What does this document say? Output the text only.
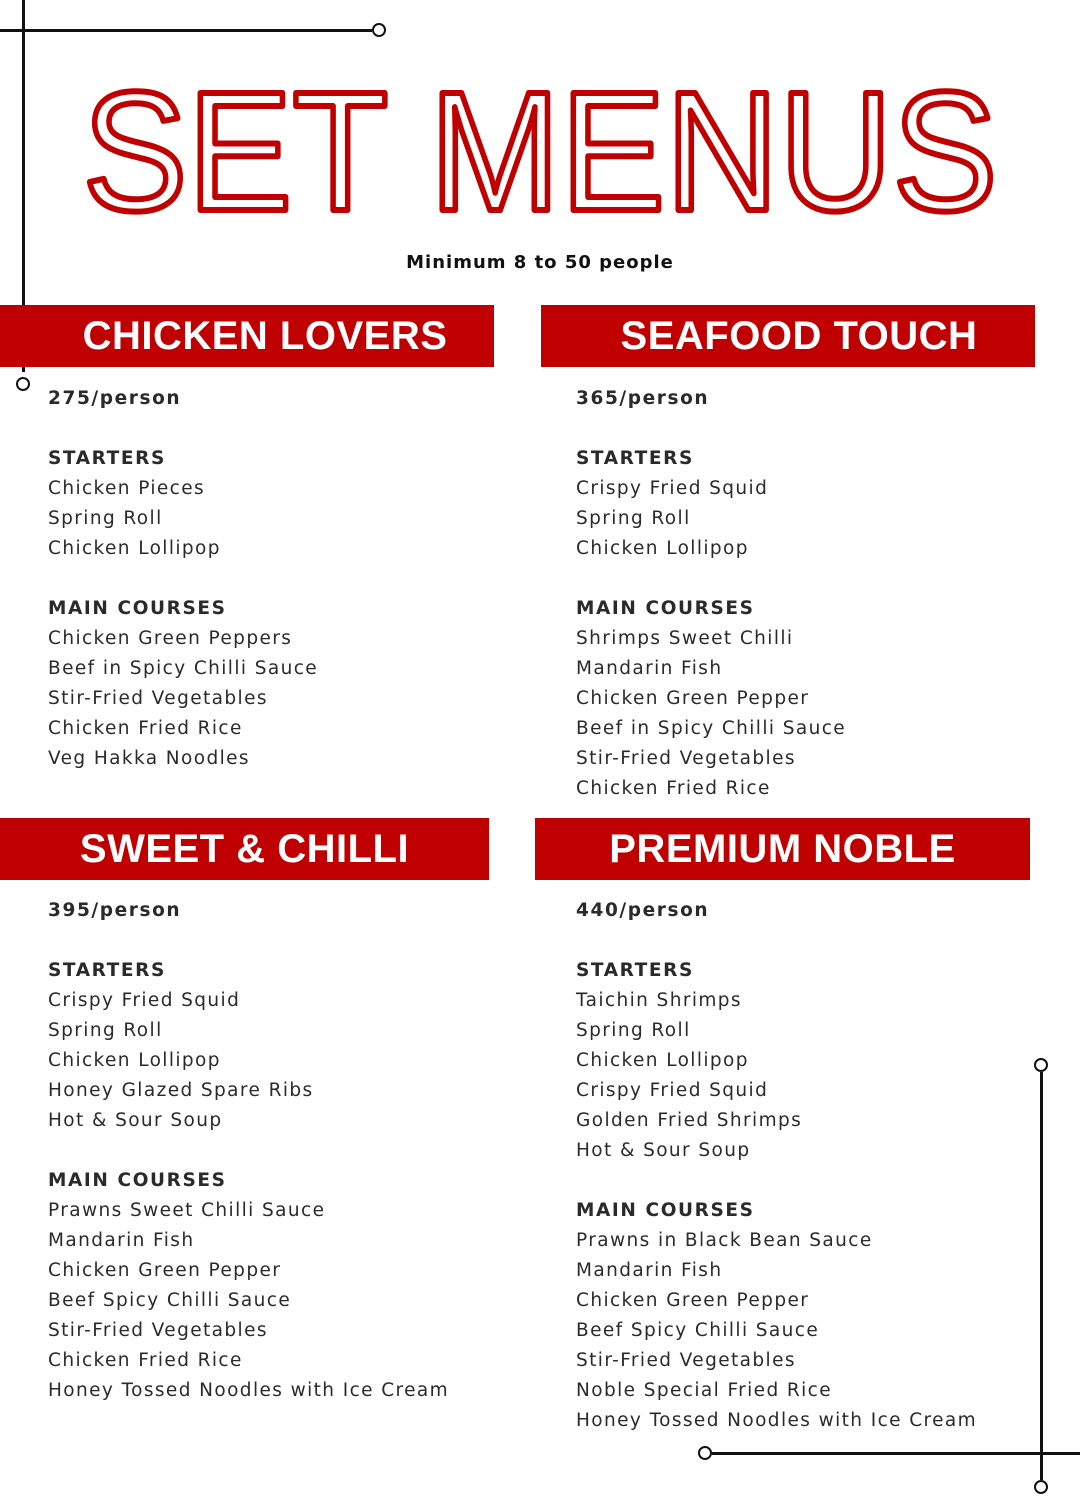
SET MENUS
Minimum 8 to 50 people
CHICKEN LOVERS
275/person
STARTERS
Chicken Pieces
Spring Roll
Chicken Lollipop
MAIN COURSES
Chicken Green Peppers
Beef in Spicy Chilli Sauce
Stir-Fried Vegetables
Chicken Fried Rice
Veg Hakka Noodles
SEAFOOD TOUCH
365/person
STARTERS
Crispy Fried Squid
Spring Roll
Chicken Lollipop
MAIN COURSES
Shrimps Sweet Chilli
Mandarin Fish
Chicken Green Pepper
Beef in Spicy Chilli Sauce
Stir-Fried Vegetables
Chicken Fried Rice
SWEET & CHILLI
395/person
STARTERS
Crispy Fried Squid
Spring Roll
Chicken Lollipop
Honey Glazed Spare Ribs
Hot & Sour Soup
MAIN COURSES
Prawns Sweet Chilli Sauce
Mandarin Fish
Chicken Green Pepper
Beef Spicy Chilli Sauce
Stir-Fried Vegetables
Chicken Fried Rice
Honey Tossed Noodles with Ice Cream
PREMIUM NOBLE
440/person
STARTERS
Taichin Shrimps
Spring Roll
Chicken Lollipop
Crispy Fried Squid
Golden Fried Shrimps
Hot & Sour Soup
MAIN COURSES
Prawns in Black Bean Sauce
Mandarin Fish
Chicken Green Pepper
Beef Spicy Chilli Sauce
Stir-Fried Vegetables
Noble Special Fried Rice
Honey Tossed Noodles with Ice Cream
